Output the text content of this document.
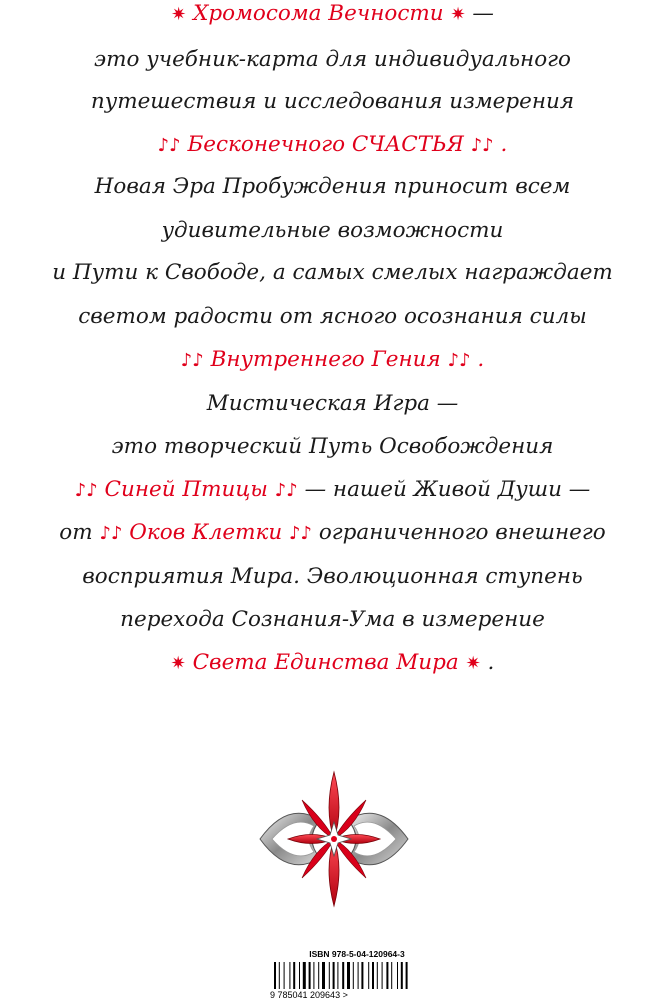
✷ Хромосома Вечности ✷ —
это учебник-карта для индивидуального
путешествия и исследования измерения
♪♪ Бесконечного СЧАСТЬЯ ♪♪ .
Новая Эра Пробуждения приносит всем
удивительные возможности
и Пути к Свободе, а самых смелых награждает
светом радости от ясного осознания силы
♪♪ Внутреннего Гения ♪♪ .
Мистическая Игра —
это творческий Путь Освобождения
♪♪ Синей Птицы ♪♪ — нашей Живой Души —
от ♪♪ Оков Клетки ♪♪ ограниченного внешнего
восприятия Мира. Эволюционная ступень
перехода Сознания-Ума в измерение
✷ Света Единства Мира ✷ .
ISBN 978-5-04-120964-3
9 785041 209643 >
